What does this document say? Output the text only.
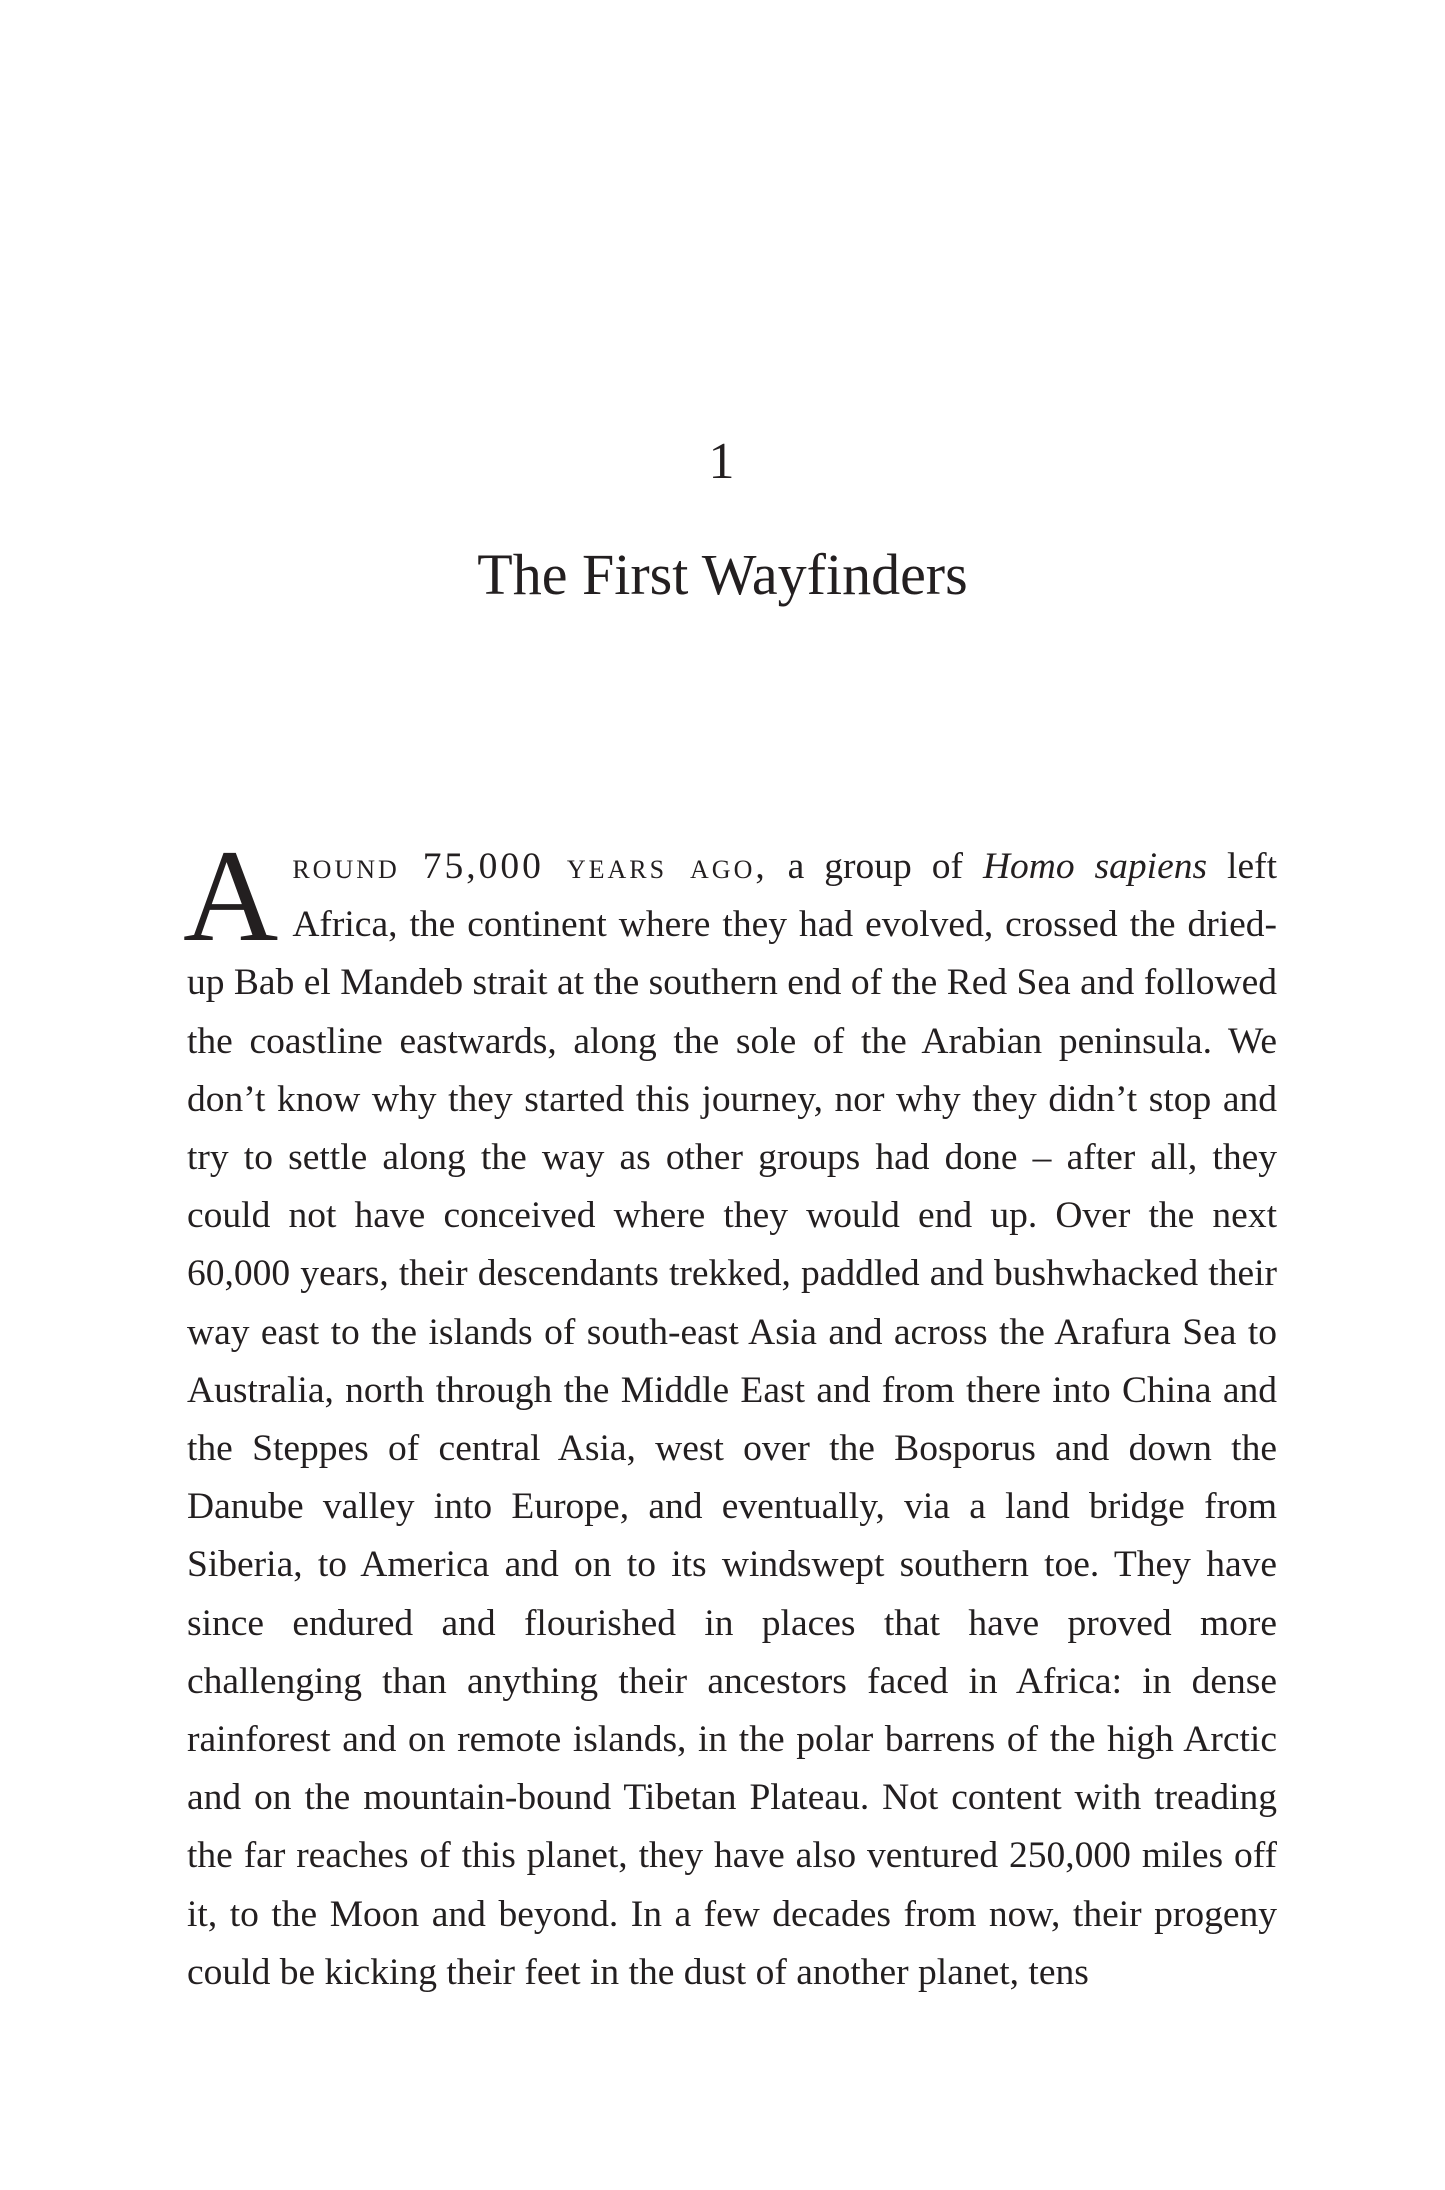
1
The First Wayfinders

Around 75,000 years ago, a group of Homo sapiens left Africa, the continent where they had evolved, crossed the dried-up Bab el Mandeb strait at the southern end of the Red Sea and followed the coastline eastwards, along the sole of the Arabian peninsula. We don’t know why they started this journey, nor why they didn’t stop and try to settle along the way as other groups had done – after all, they could not have conceived where they would end up. Over the next 60,000 years, their descendants trekked, paddled and bushwhacked their way east to the islands of south-east Asia and across the Arafura Sea to Australia, north through the Middle East and from there into China and the Steppes of central Asia, west over the Bosporus and down the Danube valley into Europe, and eventually, via a land bridge from Siberia, to America and on to its windswept southern toe. They have since endured and flourished in places that have proved more challenging than anything their ancestors faced in Africa: in dense rainforest and on remote islands, in the polar barrens of the high Arctic and on the mountain-bound Tibetan Plateau. Not content with treading the far reaches of this planet, they have also ventured 250,000 miles off it, to the Moon and beyond. In a few decades from now, their progeny could be kicking their feet in the dust of another planet, tens
